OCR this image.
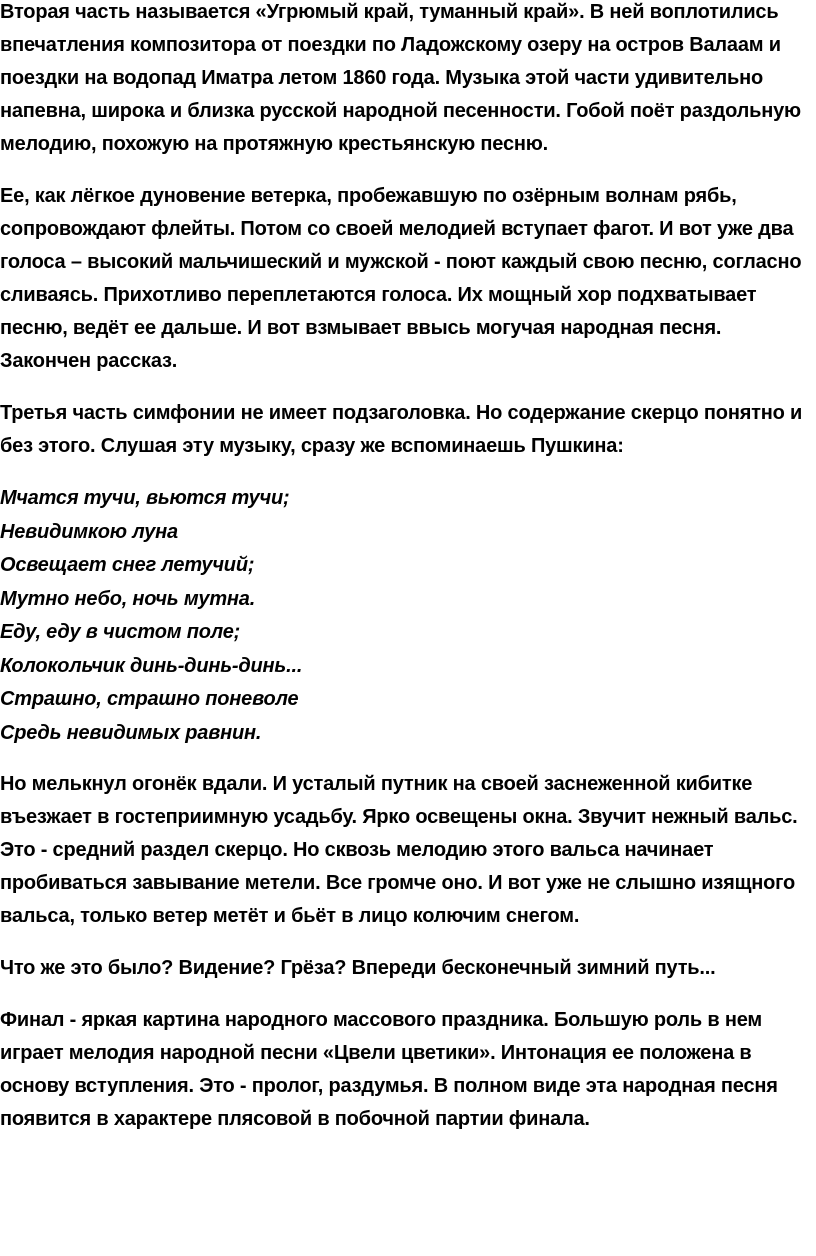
Вторая часть называется «Угрюмый край, туманный край». В ней воплотились впечатления композитора от поездки по Ладожскому озеру на остров Валаам и поездки на водопад Иматра летом 1860 года. Музыка этой части удивительно напевна, широка и близка русской народной песенности. Гобой поёт раздольную мелодию, похожую на протяжную крестьянскую песню.

Ее, как лёгкое дуновение ветерка, пробежавшую по озёрным волнам рябь, сопровождают флейты. Потом со своей мелодией вступает фагот. И вот уже два голоса – высокий мальчишеский и мужской - поют каждый свою песню, согласно сливаясь. Прихотливо переплетаются голоса. Их мощный хор подхватывает песню, ведёт ее дальше. И вот взмывает ввысь могучая народная песня. Закончен рассказ.

Третья часть симфонии не имеет подзаголовка. Но содержание скерцо понятно и без этого. Слушая эту музыку, сразу же вспоминаешь Пушкина:

Мчатся тучи, вьются тучи;
Невидимкою луна
Освещает снег летучий;
Мутно небо, ночь мутна.
Еду, еду в чистом поле;
Колокольчик динь-динь-динь...
Страшно, страшно поневоле
Средь невидимых равнин.

Но мелькнул огонёк вдали. И усталый путник на своей заснеженной кибитке въезжает в гостеприимную усадьбу. Ярко освещены окна. Звучит нежный вальс. Это - средний раздел скерцо. Но сквозь мелодию этого вальса начинает пробиваться завывание метели. Все громче оно. И вот уже не слышно изящного вальса, только ветер метёт и бьёт в лицо колючим снегом.

Что же это было? Видение? Грёза? Впереди бесконечный зимний путь...

Финал - яркая картина народного массового праздника. Большую роль в нем играет мелодия народной песни «Цвели цветики». Интонация ее положена в основу вступления. Это - пролог, раздумья. В полном виде эта народная песня появится в характере плясовой в побочной партии финала.
